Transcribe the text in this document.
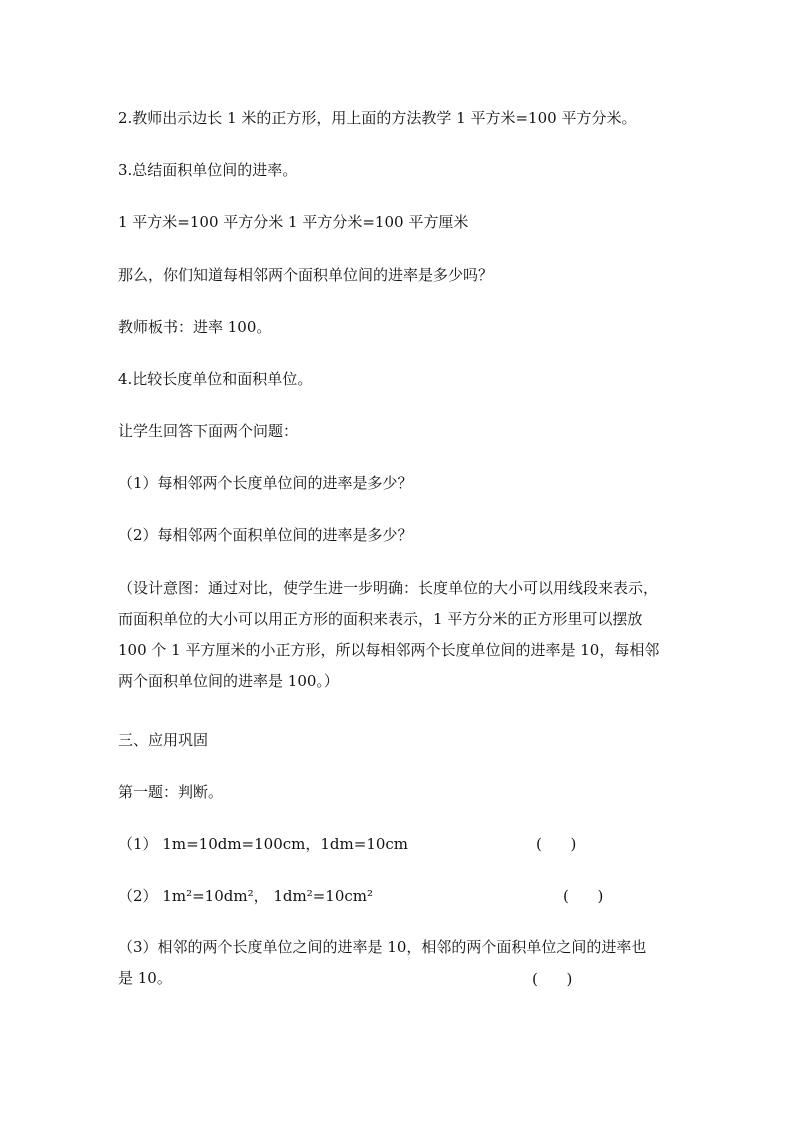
2.教师出示边长 1 米的正方形，用上面的方法教学 1 平方米=100 平方分米。
3.总结面积单位间的进率。
1 平方米=100 平方分米 1 平方分米=100 平方厘米
那么，你们知道每相邻两个面积单位间的进率是多少吗？
教师板书：进率 100。
4.比较长度单位和面积单位。
让学生回答下面两个问题：
（1）每相邻两个长度单位间的进率是多少？
（2）每相邻两个面积单位间的进率是多少？
（设计意图：通过对比，使学生进一步明确：长度单位的大小可以用线段来表示，
而面积单位的大小可以用正方形的面积来表示，1 平方分米的正方形里可以摆放
100 个 1 平方厘米的小正方形，所以每相邻两个长度单位间的进率是 10，每相邻
两个面积单位间的进率是 100。）
三、应用巩固
第一题：判断。
（1） 1m=10dm=100cm，1dm=10cm	(      )
（2） 1m²=10dm²， 1dm²=10cm²	(      )
（3）相邻的两个长度单位之间的进率是 10，相邻的两个面积单位之间的进率也
是 10。	(      )
